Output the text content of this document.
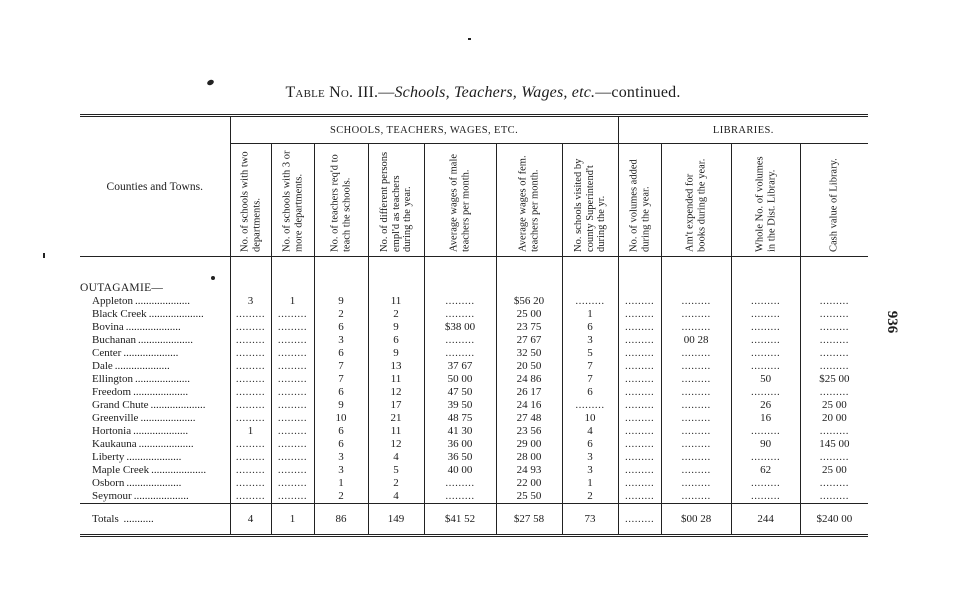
Table No. III.—Schools, Teachers, Wages, etc.—continued.
936
Counties and Towns.	SCHOOLS, TEACHERS, WAGES, ETC.							LIBRARIES.			

	No. of schools with two departments.	No. of schools with 3 or more departments.	No. of teachers req'd to teach the schools.	No. of different persons empl'd as teachers during the year.	Average wages of male teachers per month.	Average wages of fem. teachers per month.	No. schools visited by county Superintend't during the yr.	No. of volumes added during the year.	Am't expended for books during the year.	Whole No. of volumes in the Dist. Library.	Cash value of Library.

OUTAGAMIE—											
Appleton ....................	3	1	9	11	.........	$56 20	.........	.........	.........	.........	.........
Black Creek ....................	.........	.........	2	2	.........	25 00	1	.........	.........	.........	.........
Bovina ....................	.........	.........	6	9	$38 00	23 75	6	.........	.........	.........	.........
Buchanan ....................	.........	.........	3	6	.........	27 67	3	.........	00 28	.........	.........
Center ....................	.........	.........	6	9	.........	32 50	5	.........	.........	.........	.........
Dale ....................	.........	.........	7	13	37 67	20 50	7	.........	.........	.........	.........
Ellington ....................	.........	.........	7	11	50 00	24 86	7	.........	.........	50	$25 00
Freedom ....................	.........	.........	6	12	47 50	26 17	6	.........	.........	.........	.........
Grand Chute ....................	.........	.........	9	17	39 50	24 16	.........	.........	.........	26	25 00
Greenville ....................	.........	.........	10	21	48 75	27 48	10	.........	.........	16	20 00
Hortonia ....................	1	.........	6	11	41 30	23 56	4	.........	.........	.........	.........
Kaukauna ....................	.........	.........	6	12	36 00	29 00	6	.........	.........	90	145 00
Liberty ....................	.........	.........	3	4	36 50	28 00	3	.........	.........	.........	.........
Maple Creek ....................	.........	.........	3	5	40 00	24 93	3	.........	.........	62	25 00
Osborn ....................	.........	.........	1	2	.........	22 00	1	.........	.........	.........	.........
Seymour ....................	.........	.........	2	4	.........	25 50	2	.........	.........	.........	.........
Totals ...........	4	1	86	149	$41 52	$27 58	73	.........	$00 28	244	$240 00
